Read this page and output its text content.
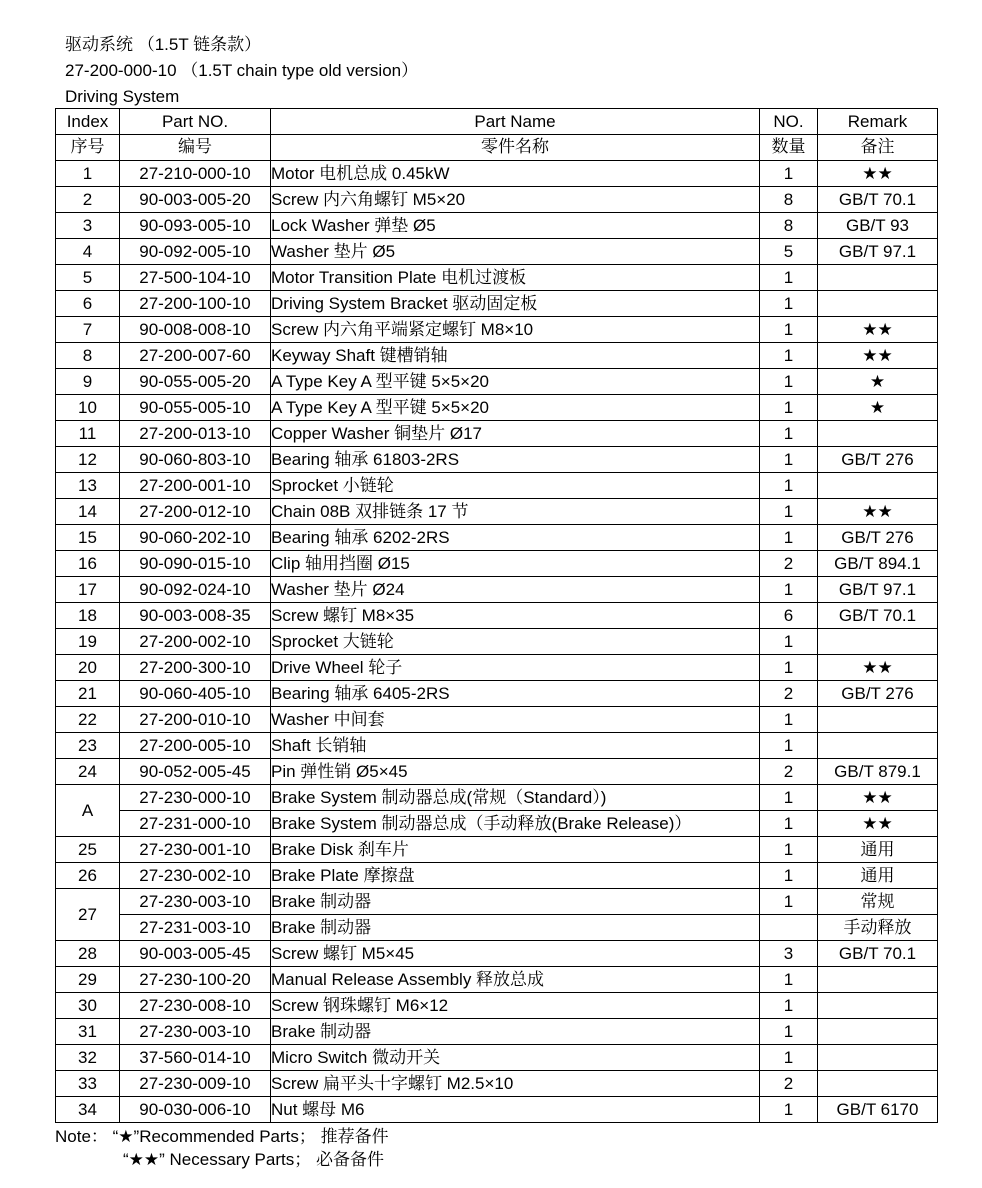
驱动系统 （1.5T 链条款）
27-200-000-10 （1.5T chain type old version）
Driving System
Index	Part NO.	Part Name	NO.	Remark
序号	编号	零件名称	数量	备注
1	27-210-000-10	Motor 电机总成 0.45kW	1	★★
2	90-003-005-20	Screw 内六角螺钉 M5×20	8	GB/T 70.1
3	90-093-005-10	Lock Washer 弹垫 Ø5	8	GB/T 93
4	90-092-005-10	Washer 垫片 Ø5	5	GB/T 97.1
5	27-500-104-10	Motor Transition Plate 电机过渡板	1	
6	27-200-100-10	Driving System Bracket 驱动固定板	1	
7	90-008-008-10	Screw 内六角平端紧定螺钉 M8×10	1	★★
8	27-200-007-60	Keyway Shaft 键槽销轴	1	★★
9	90-055-005-20	A Type Key A 型平键 5×5×20	1	★
10	90-055-005-10	A Type Key A 型平键 5×5×20	1	★
11	27-200-013-10	Copper Washer 铜垫片 Ø17	1	
12	90-060-803-10	Bearing 轴承 61803-2RS	1	GB/T 276
13	27-200-001-10	Sprocket 小链轮	1	
14	27-200-012-10	Chain 08B 双排链条 17 节	1	★★
15	90-060-202-10	Bearing 轴承 6202-2RS	1	GB/T 276
16	90-090-015-10	Clip 轴用挡圈 Ø15	2	GB/T 894.1
17	90-092-024-10	Washer 垫片 Ø24	1	GB/T 97.1
18	90-003-008-35	Screw 螺钉 M8×35	6	GB/T 70.1
19	27-200-002-10	Sprocket 大链轮	1	
20	27-200-300-10	Drive Wheel 轮子	1	★★
21	90-060-405-10	Bearing 轴承 6405-2RS	2	GB/T 276
22	27-200-010-10	Washer 中间套	1	
23	27-200-005-10	Shaft 长销轴	1	
24	90-052-005-45	Pin 弹性销 Ø5×45	2	GB/T 879.1
A	27-230-000-10	Brake System 制动器总成(常规（Standard）)	1	★★
	27-231-000-10	Brake System 制动器总成（手动释放(Brake Release)）	1	★★
25	27-230-001-10	Brake Disk 刹车片	1	通用
26	27-230-002-10	Brake Plate 摩擦盘	1	通用
27	27-230-003-10	Brake 制动器	1	常规
	27-231-003-10	Brake 制动器		手动释放
28	90-003-005-45	Screw 螺钉 M5×45	3	GB/T 70.1
29	27-230-100-20	Manual Release Assembly 释放总成	1	
30	27-230-008-10	Screw 钢珠螺钉 M6×12	1	
31	27-230-003-10	Brake 制动器	1	
32	37-560-014-10	Micro Switch 微动开关	1	
33	27-230-009-10	Screw 扁平头十字螺钉 M2.5×10	2	
34	90-030-006-10	Nut 螺母 M6	1	GB/T 6170
Note： “★”Recommended Parts； 推荐备件
“★★” Necessary Parts； 必备备件
